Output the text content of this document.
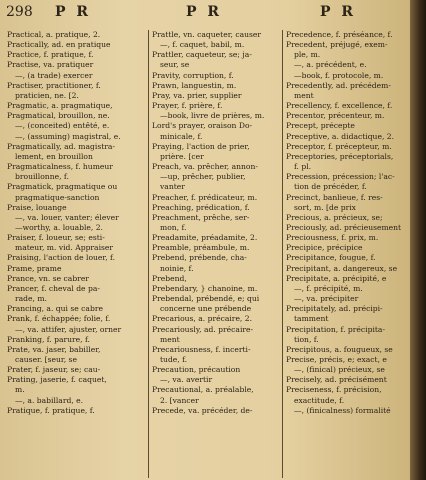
298 P R	P R	P R
Practical, a. pratique, 2.
Practically, ad. en pratique
Practice, f. pratique, f.
Practise, va. pratiquer
—, (a trade) exercer
Practiser, practitioner, f.
praticien, ne. [2.
Pragmatic, a. pragmatique,
Pragmatical, brouillon, ne.
—, (conceited) entêté, e.
—, (assuming) magistral, e.
Pragmatically, ad. magistra-
lement, en brouillon
Pragmaticalness, f. humeur
brouillonne, f.
Pragmatick, pragmatique ou
pragmatique-sanction
Praise, louange
—, va. louer, vanter; élever
—worthy, a. louable, 2.
Praiser, f. loueur, se; esti-
mateur, m. vid. Appraiser
Praising, l'action de louer, f.
Prame, prame
Prance, vn. se cabrer
Prancer, f. cheval de pa-
rade, m.
Prancing, a. qui se cabre
Prank, f. échappée; folie, f.
—, va. attifer, ajuster, orner
Pranking, f. parure, f.
Prate, va. jaser, babiller,
causer. [seur, se
Prater, f. jaseur, se; cau-
Prating, jaserie, f. caquet,
m.
—, a. babillard, e.
Pratique, f. pratique, f.
Prattle, vn. caqueter, causer
—, f. caquet, babil, m.
Prattler, caqueteur, se; ja-
seur, se
Pravity, corruption, f.
Prawn, languestin, m.
Pray, va. prier, supplier
Prayer, f. prière, f.
—book, livre de prières, m.
Lord's prayer, oraison Do-
minicale, f.
Praying, l'action de prier,
prière. [cer
Preach, va. prêcher, annon-
—up, prêcher, publier,
vanter
Preacher, f. prédicateur, m.
Preaching, prédication, f.
Preachment, prêche, ser-
mon, f.
Preadamite, préadamite, 2.
Preamble, préambule, m.
Prebend, prébende, cha-
noinie, f.
Prebend,
Prebendary, } chanoine, m.
Prebendal, prébendé, e; qui
concerne une prébende
Precarious, a. précaire, 2.
Precariously, ad. précaire-
ment
Precariousness, f. incerti-
tude, f.
Precaution, précaution
—, va. avertir
Precautional, a. préalable,
2. [vancer
Precede, va. précéder, de-
Precedence, f. préséance, f.
Precedent, préjugé, exem-
ple, m.
—, a. précédent, e.
—book, f. protocole, m.
Precedently, ad. précédem-
ment
Precellency, f. excellence, f.
Precentor, précenteur, m.
Precept, précepte
Preceptive, a. didactique, 2.
Preceptor, f. précepteur, m.
Preceptories, préceptorials,
f. pl.
Precession, précession; l'ac-
tion de précéder, f.
Precinct, banlieue, f. res-
sort, m. [de prix
Precious, a. précieux, se;
Preciously, ad. précieusement
Preciousness, f. prix, m.
Precipice, précipice
Precipitance, fougue, f.
Precipitant, a. dangereux, se
Precipitate, a. précipité, e
—, f. précipité, m.
—, va. précipiter
Precipitately, ad. précipi-
tamment
Precipitation, f. précipita-
tion, f.
Precipitous, a. fougueux, se
Precise, précis, e; exact, e
—, (finical) précieux, se
Precisely, ad. précisément
Preciseness, f. précision,
exactitude, f.
—, (finicalness) formalité
